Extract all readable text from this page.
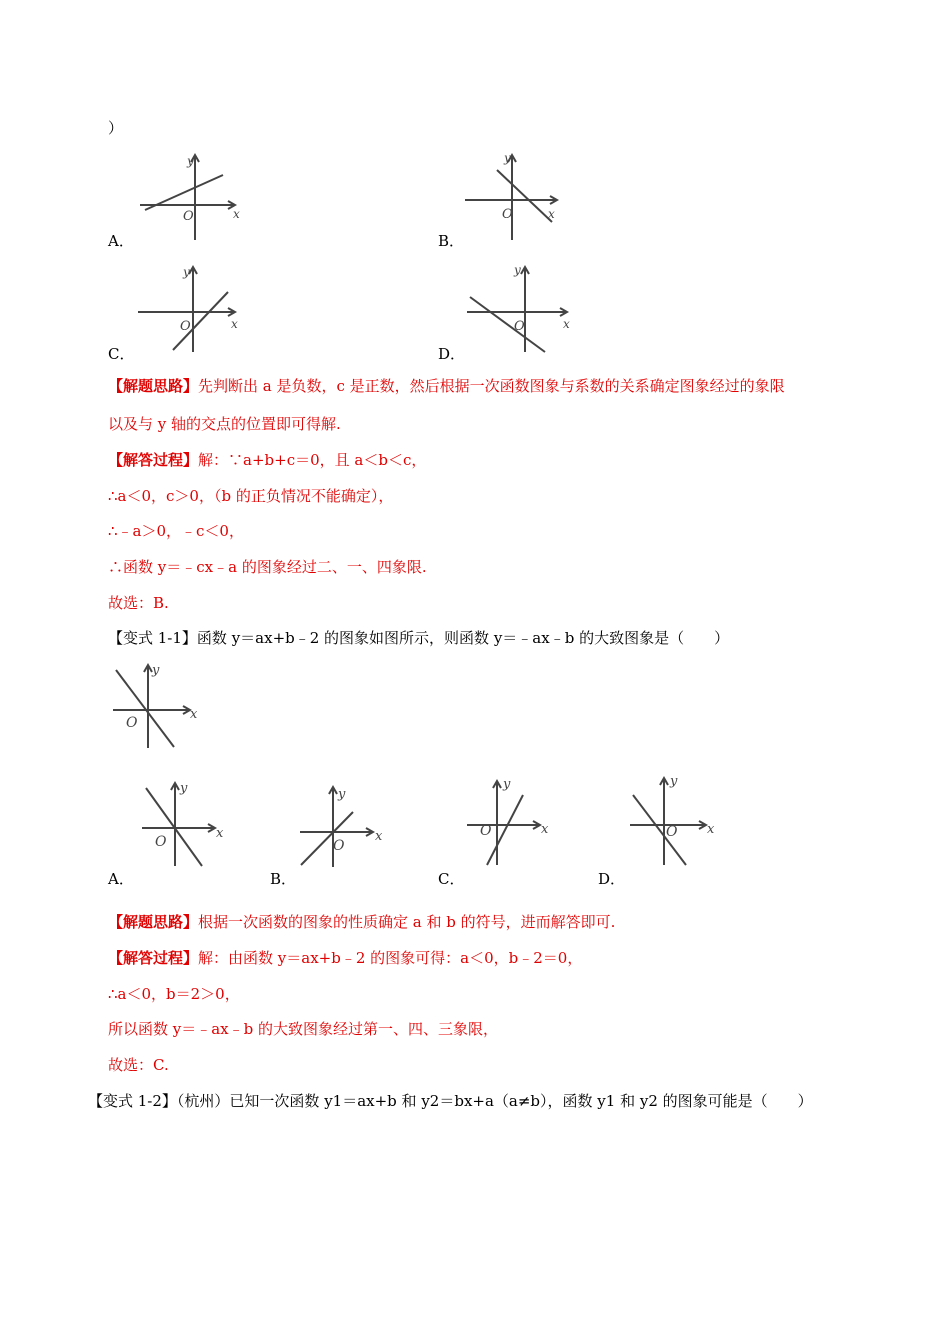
）
y
x
O
A．
y
x
O
B．
y
x
O
C．
y
x
O
D．
【解题思路】先判断出 a 是负数，c 是正数，然后根据一次函数图象与系数的关系确定图象经过的象限
以及与 y 轴的交点的位置即可得解.
【解答过程】解：∵a+b+c＝0，且 a＜b＜c，
∴a＜0，c＞0，（b 的正负情况不能确定），
∴﹣a＞0，﹣c＜0，
∴函数 y＝﹣cx﹣a 的图象经过二、一、四象限.
故选：B.
【变式 1-1】函数 y＝ax+b﹣2 的图象如图所示，则函数 y＝﹣ax﹣b 的大致图象是（　　）
y
x
O
y
x
O
A．
y
x
O
B．
y
x
O
C．
y
x
O
D．
【解题思路】根据一次函数的图象的性质确定 a 和 b 的符号，进而解答即可.
【解答过程】解：由函数 y＝ax+b﹣2 的图象可得：a＜0，b﹣2＝0，
∴a＜0，b＝2＞0，
所以函数 y＝﹣ax﹣b 的大致图象经过第一、四、三象限，
故选：C.
【变式 1-2】（杭州）已知一次函数 y1＝ax+b 和 y2＝bx+a（a≠b），函数 y1 和 y2 的图象可能是（　　）
